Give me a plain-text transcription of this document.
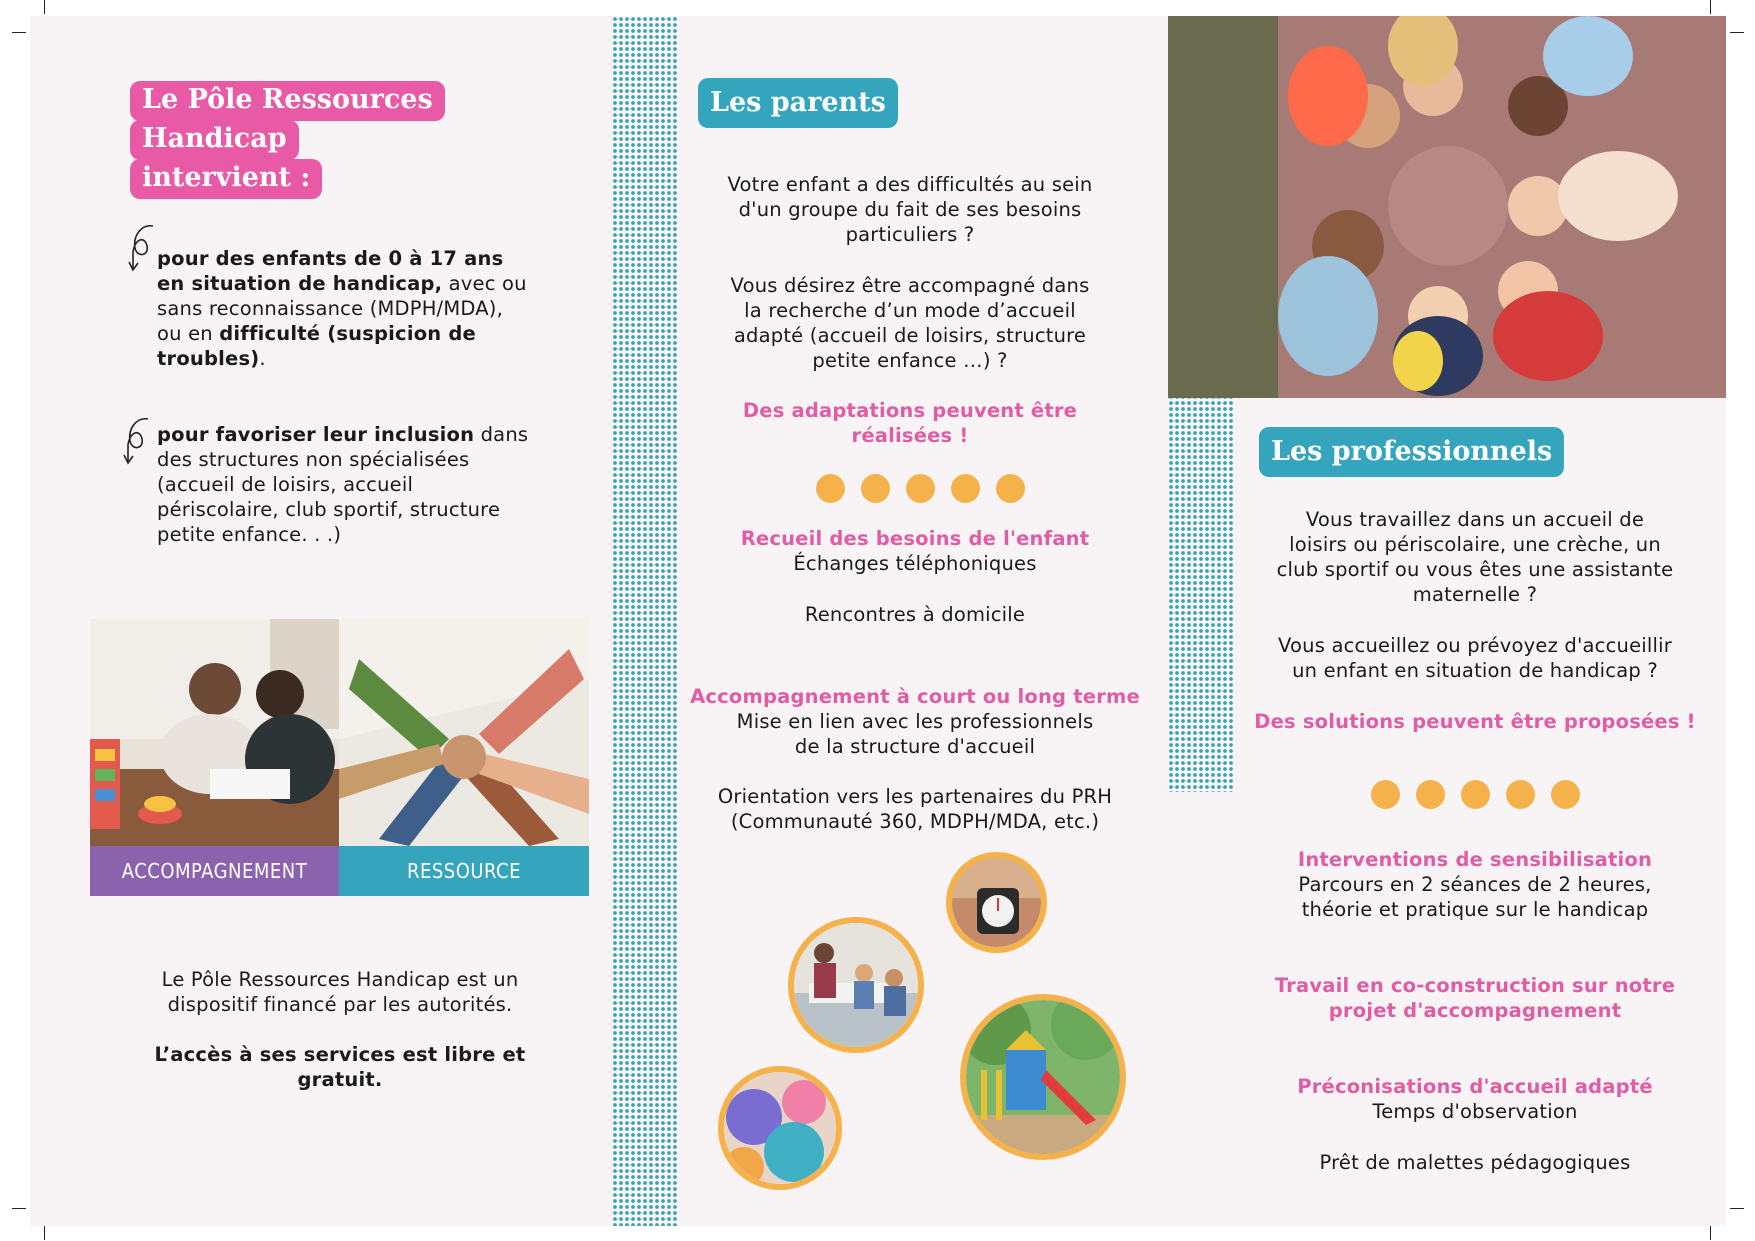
Le Pôle Ressources
Handicap
intervient :
pour des enfants de 0 à 17 ans
en situation de handicap, avec ou
sans reconnaissance (MDPH/MDA),
ou en difficulté (suspicion de
troubles).
pour favoriser leur inclusion dans
des structures non spécialisées
(accueil de loisirs, accueil
périscolaire, club sportif, structure
petite enfance. . .)
ACCOMPAGNEMENT	RESSOURCE
Le Pôle Ressources Handicap est un
dispositif financé par les autorités.
L’accès à ses services est libre et
gratuit.
Les parents
Votre enfant a des difficultés au sein
d'un groupe du fait de ses besoins
particuliers ?
Vous désirez être accompagné dans
la recherche d’un mode d’accueil
adapté (accueil de loisirs, structure
petite enfance …) ?
Des adaptations peuvent être
réalisées !
Recueil des besoins de l'enfant
Échanges téléphoniques
Rencontres à domicile
Accompagnement à court ou long terme
Mise en lien avec les professionnels
de la structure d'accueil
Orientation vers les partenaires du PRH
(Communauté 360, MDPH/MDA, etc.)
Les professionnels
Vous travaillez dans un accueil de
loisirs ou périscolaire, une crèche, un
club sportif ou vous êtes une assistante
maternelle ?
Vous accueillez ou prévoyez d'accueillir
un enfant en situation de handicap ?
Des solutions peuvent être proposées !
Interventions de sensibilisation
Parcours en 2 séances de 2 heures,
théorie et pratique sur le handicap
Travail en co-construction sur notre
projet d'accompagnement
Préconisations d'accueil adapté
Temps d'observation
Prêt de malettes pédagogiques
